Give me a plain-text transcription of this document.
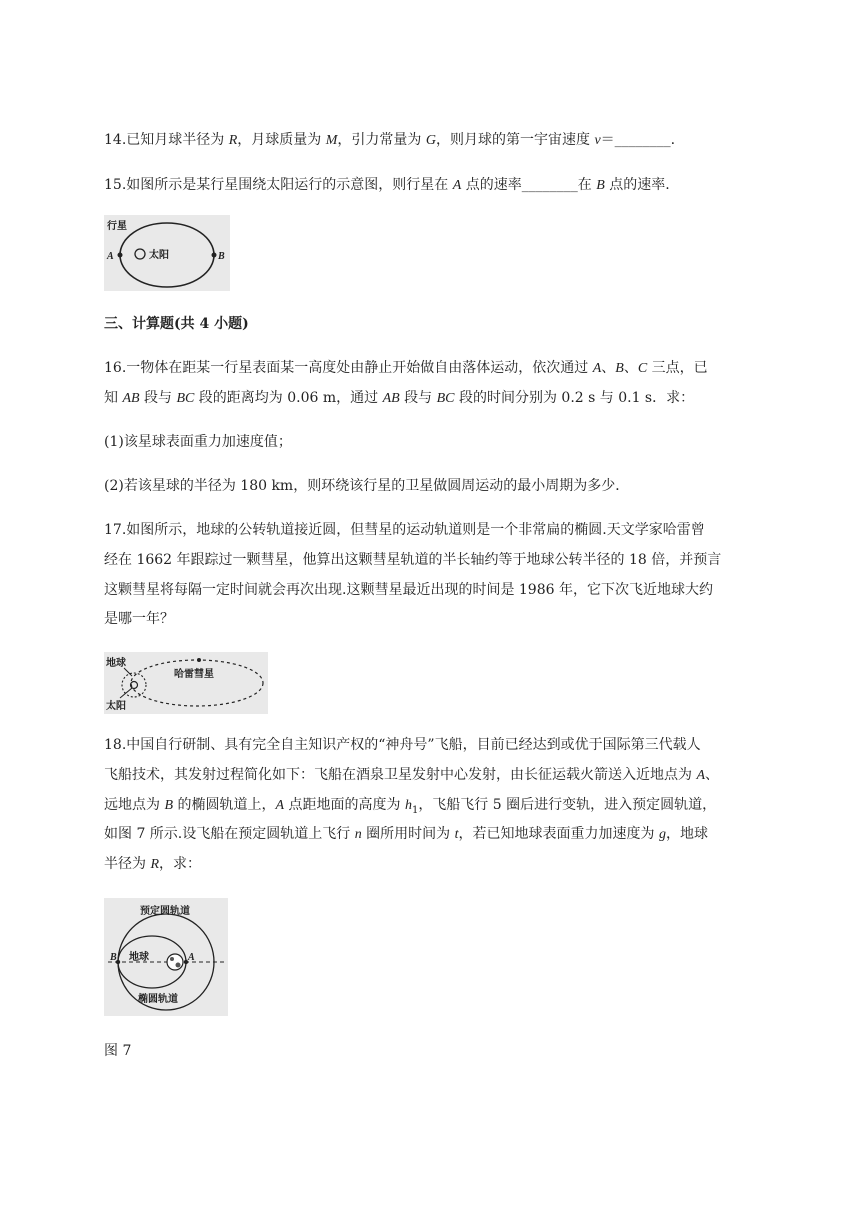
14.已知月球半径为 R，月球质量为 M，引力常量为 G，则月球的第一宇宙速度 v＝________.

15.如图所示是某行星围绕太阳运行的示意图，则行星在 A 点的速率________在 B 点的速率.

行星
太阳
A	B

三、计算题(共 4 小题)

16.一物体在距某一行星表面某一高度处由静止开始做自由落体运动，依次通过 A、B、C 三点，已

知 AB 段与 BC 段的距离均为 0.06 m，通过 AB 段与 BC 段的时间分别为 0.2 s 与 0.1 s．求：

(1)该星球表面重力加速度值；

(2)若该星球的半径为 180 km，则环绕该行星的卫星做圆周运动的最小周期为多少．

17.如图所示，地球的公转轨道接近圆，但彗星的运动轨道则是一个非常扁的椭圆.天文学家哈雷曾

经在 1662 年跟踪过一颗彗星，他算出这颗彗星轨道的半长轴约等于地球公转半径的 18 倍，并预言

这颗彗星将每隔一定时间就会再次出现.这颗彗星最近出现的时间是 1986 年，它下次飞近地球大约

是哪一年？

地球
哈雷彗星
太阳

18.中国自行研制、具有完全自主知识产权的“神舟号”飞船，目前已经达到或优于国际第三代载人

飞船技术，其发射过程简化如下：飞船在酒泉卫星发射中心发射，由长征运载火箭送入近地点为 A、

远地点为 B 的椭圆轨道上，A 点距地面的高度为 $h_1$，飞船飞行 5 圈后进行变轨，进入预定圆轨道，

如图 7 所示.设飞船在预定圆轨道上飞行 n 圈所用时间为 t，若已知地球表面重力加速度为 g，地球

半径为 R，求：

预定圆轨道
地球
椭圆轨道
B	A

图 7
